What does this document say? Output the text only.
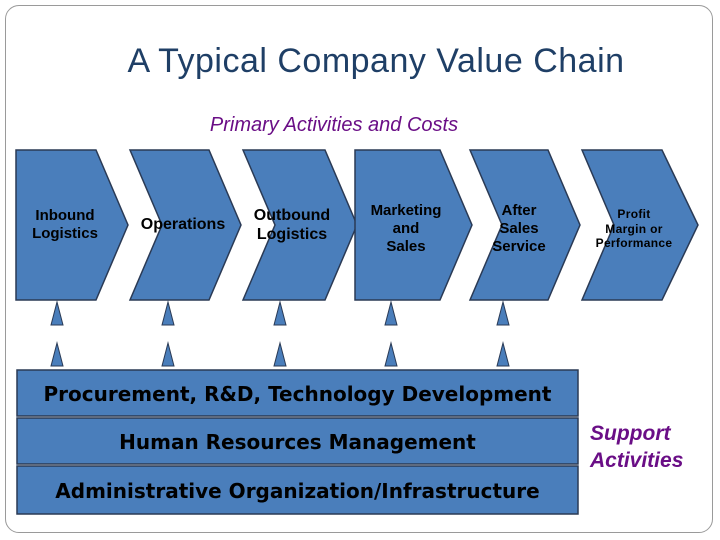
A Typical Company Value Chain
Primary Activities and Costs
Inbound
Logistics
Operations
Outbound
Logistics
Marketing
and
Sales
After
Sales
Service
Profit
Margin or
Performance
Procurement, R&D, Technology Development
Human Resources Management
Administrative Organization/Infrastructure
Support
Activities
